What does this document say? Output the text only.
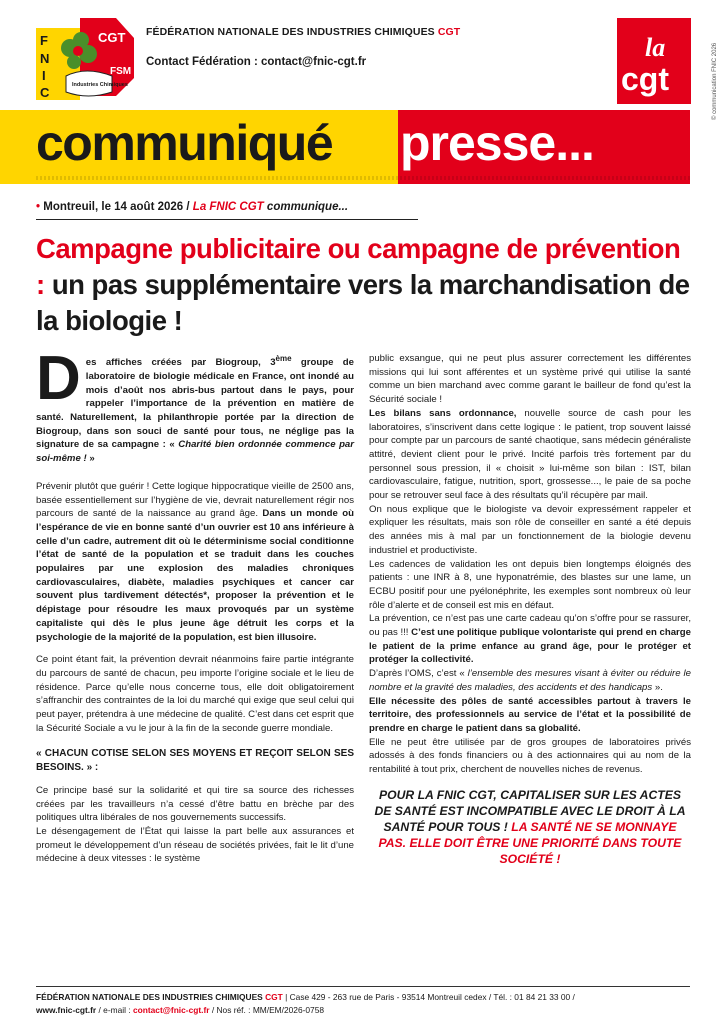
F
N
I
C
CGT
FSM
Industries Chimiques
FÉDÉRATION NATIONALE DES INDUSTRIES CHIMIQUES CGT
Contact Fédération : contact@fnic-cgt.fr	la
cgt	© communication FNIC 2026
communiqué presse...
• Montreuil, le 14 août 2026 / La FNIC CGT communique...
Campagne publicitaire ou campagne de prévention : un pas supplémentaire vers la marchandisation de la biologie !

Des affiches créées par Biogroup, 3ème groupe de laboratoire de biologie médicale en France, ont inondé au mois d’août nos abris-bus partout dans le pays, pour rappeler l’importance de la prévention en matière de santé. Naturellement, la philanthropie portée par la direction de Biogroup, dans son souci de santé pour tous, ne néglige pas la signature de sa campagne : « Charité bien ordonnée commence par soi-même ! »

Prévenir plutôt que guérir ! Cette logique hippocratique vieille de 2500 ans, basée essentiellement sur l’hygiène de vie, devrait naturellement régir nos parcours de santé de la naissance au grand âge. Dans un monde où l’espérance de vie en bonne santé d’un ouvrier est 10 ans inférieure à celle d’un cadre, autrement dit où le déterminisme social conditionne l’état de santé de la population et se traduit dans les couches populaires par une explosion des maladies chroniques cardiovasculaires, diabète, maladies psychiques et cancer car souvent plus tardivement détectés*, proposer la prévention et le dépistage pour résoudre les maux provoqués par un système capitaliste qui dès le plus jeune âge détruit les corps et la psychologie de la majorité de la population, est bien illusoire.

Ce point étant fait, la prévention devrait néanmoins faire partie intégrante du parcours de santé de chacun, peu importe l’origine sociale et le lieu de résidence. Parce qu’elle nous concerne tous, elle doit obligatoirement s’affranchir des contraintes de la loi du marché qui exige que seul celui qui peut payer, prétendra à une médecine de qualité. C’est dans cet esprit que la Sécurité Sociale a vu le jour à la fin de la seconde guerre mondiale.

« CHACUN COTISE SELON SES MOYENS ET REÇOIT SELON SES BESOINS. » :

Ce principe basé sur la solidarité et qui tire sa source des richesses créées par les travailleurs n’a cessé d’être battu en brèche par des politiques ultra libérales de nos gouvernements successifs.

Le désengagement de l’État qui laisse la part belle aux assurances et promeut le développement d’un réseau de sociétés privées, fait le lit d’une médecine à deux vitesses : le système

public exsangue, qui ne peut plus assurer correctement les différentes missions qui lui sont afférentes et un système privé qui utilise la santé comme un bien marchand avec comme garant le bailleur de fond qu’est la Sécurité sociale !

Les bilans sans ordonnance, nouvelle source de cash pour les laboratoires, s’inscrivent dans cette logique : le patient, trop souvent laissé pour compte par un parcours de santé chaotique, sans médecin généraliste attitré, devient client pour le privé. Incité parfois très fortement par du personnel sous pression, il « choisit » lui-même son bilan : IST, bilan cardiovasculaire, fatigue, nutrition, sport, grossesse..., le paie de sa poche pour se retrouver seul face à des résultats qu’il récupère par mail.

On nous explique que le biologiste va devoir expressément rappeler et expliquer les résultats, mais son rôle de conseiller en santé a été depuis des années mis à mal par un fonctionnement de la biologie devenu industriel et productiviste.

Les cadences de validation les ont depuis bien longtemps éloignés des patients : une INR à 8, une hyponatrémie, des blastes sur une lame, un ECBU positif pour une pyélonéphrite, les exemples sont nombreux où leur rôle d’alerte et de conseil est mis en défaut.

La prévention, ce n’est pas une carte cadeau qu’on s’offre pour se rassurer, ou pas !!! C’est une politique publique volontariste qui prend en charge le patient de la prime enfance au grand âge, pour le protéger et protéger la collectivité.

D’après l’OMS, c’est « l’ensemble des mesures visant à éviter ou réduire le nombre et la gravité des maladies, des accidents et des handicaps ».

Elle nécessite des pôles de santé accessibles partout à travers le territoire, des professionnels au service de l’état et la possibilité de prendre en charge le patient dans sa globalité.

Elle ne peut être utilisée par de gros groupes de laboratoires privés adossés à des fonds financiers ou à des actionnaires qui au nom de la rentabilité à tout prix, cherchent de nouvelles niches de revenus.

POUR LA FNIC CGT, CAPITALISER SUR LES ACTES DE SANTÉ EST INCOMPATIBLE AVEC LE DROIT À LA SANTÉ POUR TOUS ! LA SANTÉ NE SE MONNAYE PAS. ELLE DOIT ÊTRE UNE PRIORITÉ DANS TOUTE SOCIÉTÉ !
FÉDÉRATION NATIONALE DES INDUSTRIES CHIMIQUES CGT | Case 429 - 263 rue de Paris - 93514 Montreuil cedex / Tél. : 01 84 21 33 00 /
www.fnic-cgt.fr / e-mail : contact@fnic-cgt.fr / Nos réf. : MM/EM/2026-0758
